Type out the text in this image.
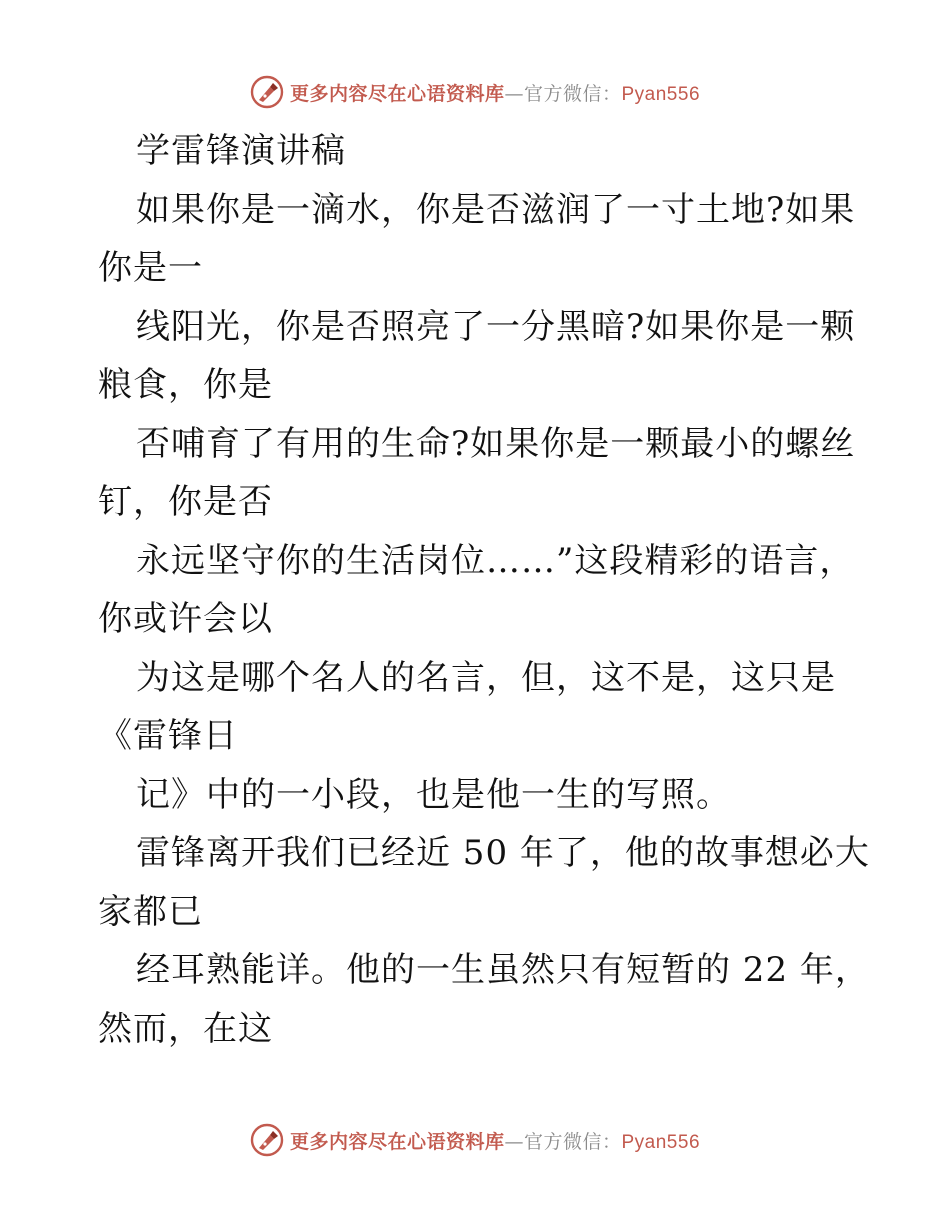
更多内容尽在心语资料库—官方微信：Pyan556
学雷锋演讲稿
如果你是一滴水，你是否滋润了一寸土地?如果
你是一
线阳光，你是否照亮了一分黑暗?如果你是一颗
粮食，你是
否哺育了有用的生命?如果你是一颗最小的螺丝
钉，你是否
永远坚守你的生活岗位……”这段精彩的语言，
你或许会以
为这是哪个名人的名言，但，这不是，这只是
《雷锋日
记》中的一小段，也是他一生的写照。
雷锋离开我们已经近 50 年了，他的故事想必大
家都已
经耳熟能详。他的一生虽然只有短暂的 22 年，
然而，在这
更多内容尽在心语资料库—官方微信：Pyan556
